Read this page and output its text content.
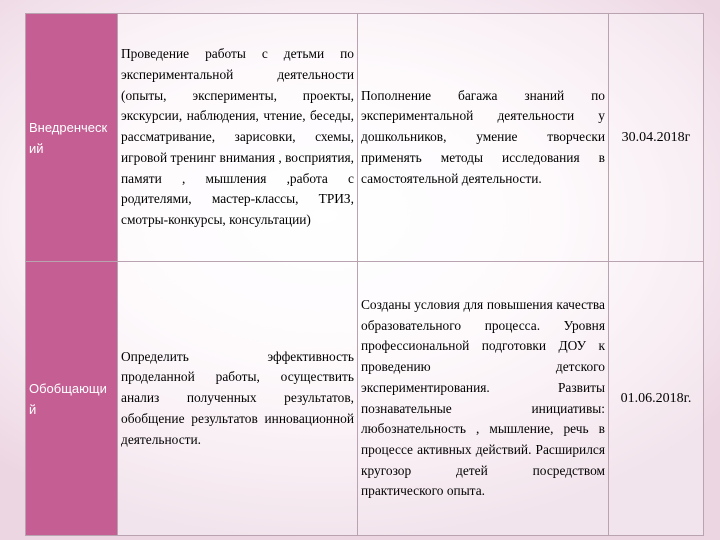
Внедренческий	Проведение работы с детьми по экспериментальной деятельности (опыты, эксперименты, проекты, экскурсии, наблюдения, чтение, беседы, рассматривание, зарисовки, схемы, игровой тренинг внимания , восприятия, памяти , мышления ,работа с родителями, мастер-классы, ТРИЗ, смотры-конкурсы, консультации)	Пополнение багажа знаний по экспериментальной деятельности у дошкольников, умение творчески применять методы исследования в самостоятельной деятельности.	30.04.2018г
Обобщающий	Определить эффективность проделанной работы, осуществить анализ полученных результатов, обобщение результатов инновационной деятельности.	Созданы условия для повышения качества образовательного процесса. Уровня профессиональной подготовки ДОУ к проведению детского экспериментирования. Развиты познавательные инициативы: любознательность , мышление, речь в процессе активных действий. Расширился кругозор детей посредством практического опыта.	01.06.2018г.
